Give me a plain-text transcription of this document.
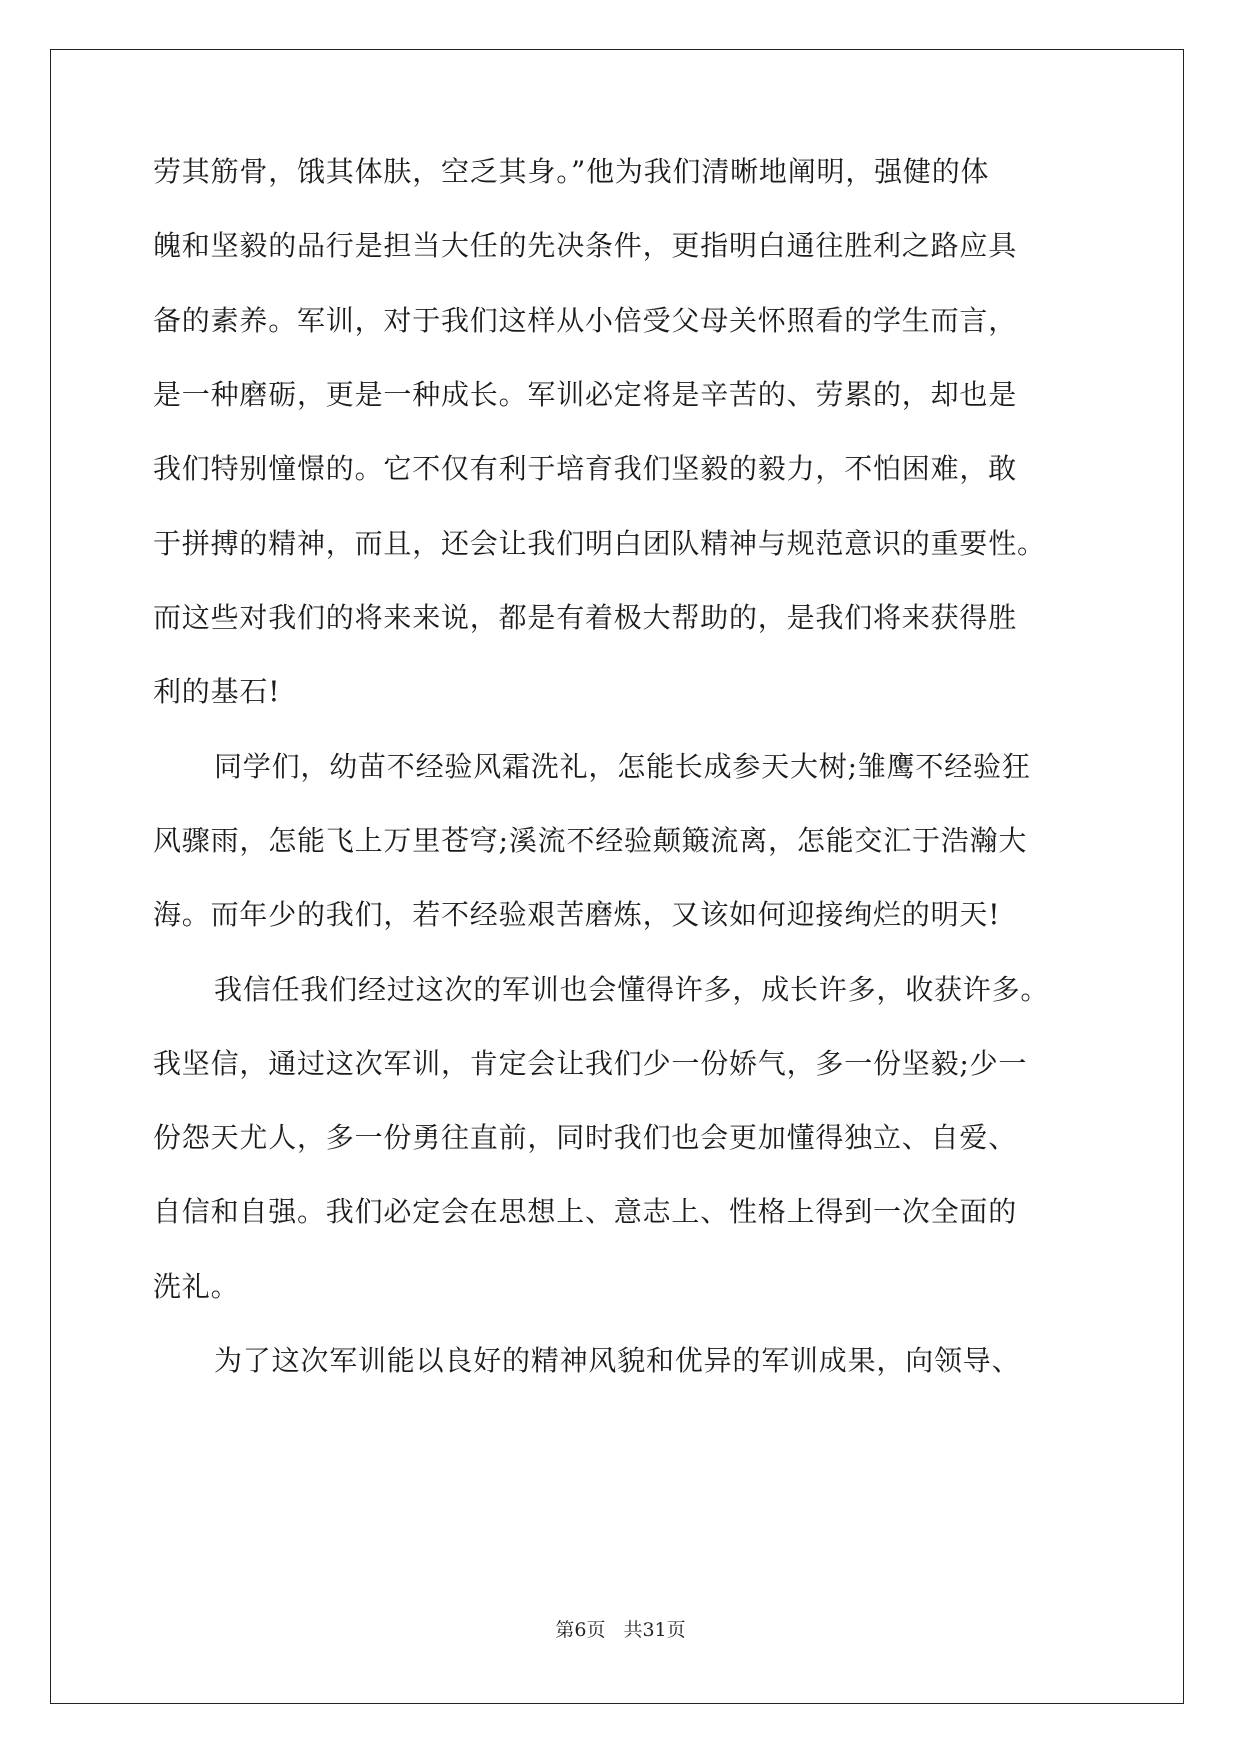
劳其筋骨，饿其体肤，空乏其身。”他为我们清晰地阐明，强健的体
魄和坚毅的品行是担当大任的先决条件，更指明白通往胜利之路应具
备的素养。军训，对于我们这样从小倍受父母关怀照看的学生而言，
是一种磨砺，更是一种成长。军训必定将是辛苦的、劳累的，却也是
我们特别憧憬的。它不仅有利于培育我们坚毅的毅力，不怕困难，敢
于拼搏的精神，而且，还会让我们明白团队精神与规范意识的重要性。
而这些对我们的将来来说，都是有着极大帮助的，是我们将来获得胜
利的基石!
同学们，幼苗不经验风霜洗礼，怎能长成参天大树;雏鹰不经验狂
风骤雨，怎能飞上万里苍穹;溪流不经验颠簸流离，怎能交汇于浩瀚大
海。而年少的我们，若不经验艰苦磨炼，又该如何迎接绚烂的明天!
我信任我们经过这次的军训也会懂得许多，成长许多，收获许多。
我坚信，通过这次军训，肯定会让我们少一份娇气，多一份坚毅;少一
份怨天尤人，多一份勇往直前，同时我们也会更加懂得独立、自爱、
自信和自强。我们必定会在思想上、意志上、性格上得到一次全面的
洗礼。
为了这次军训能以良好的精神风貌和优异的军训成果，向领导、
第6页 共31页
